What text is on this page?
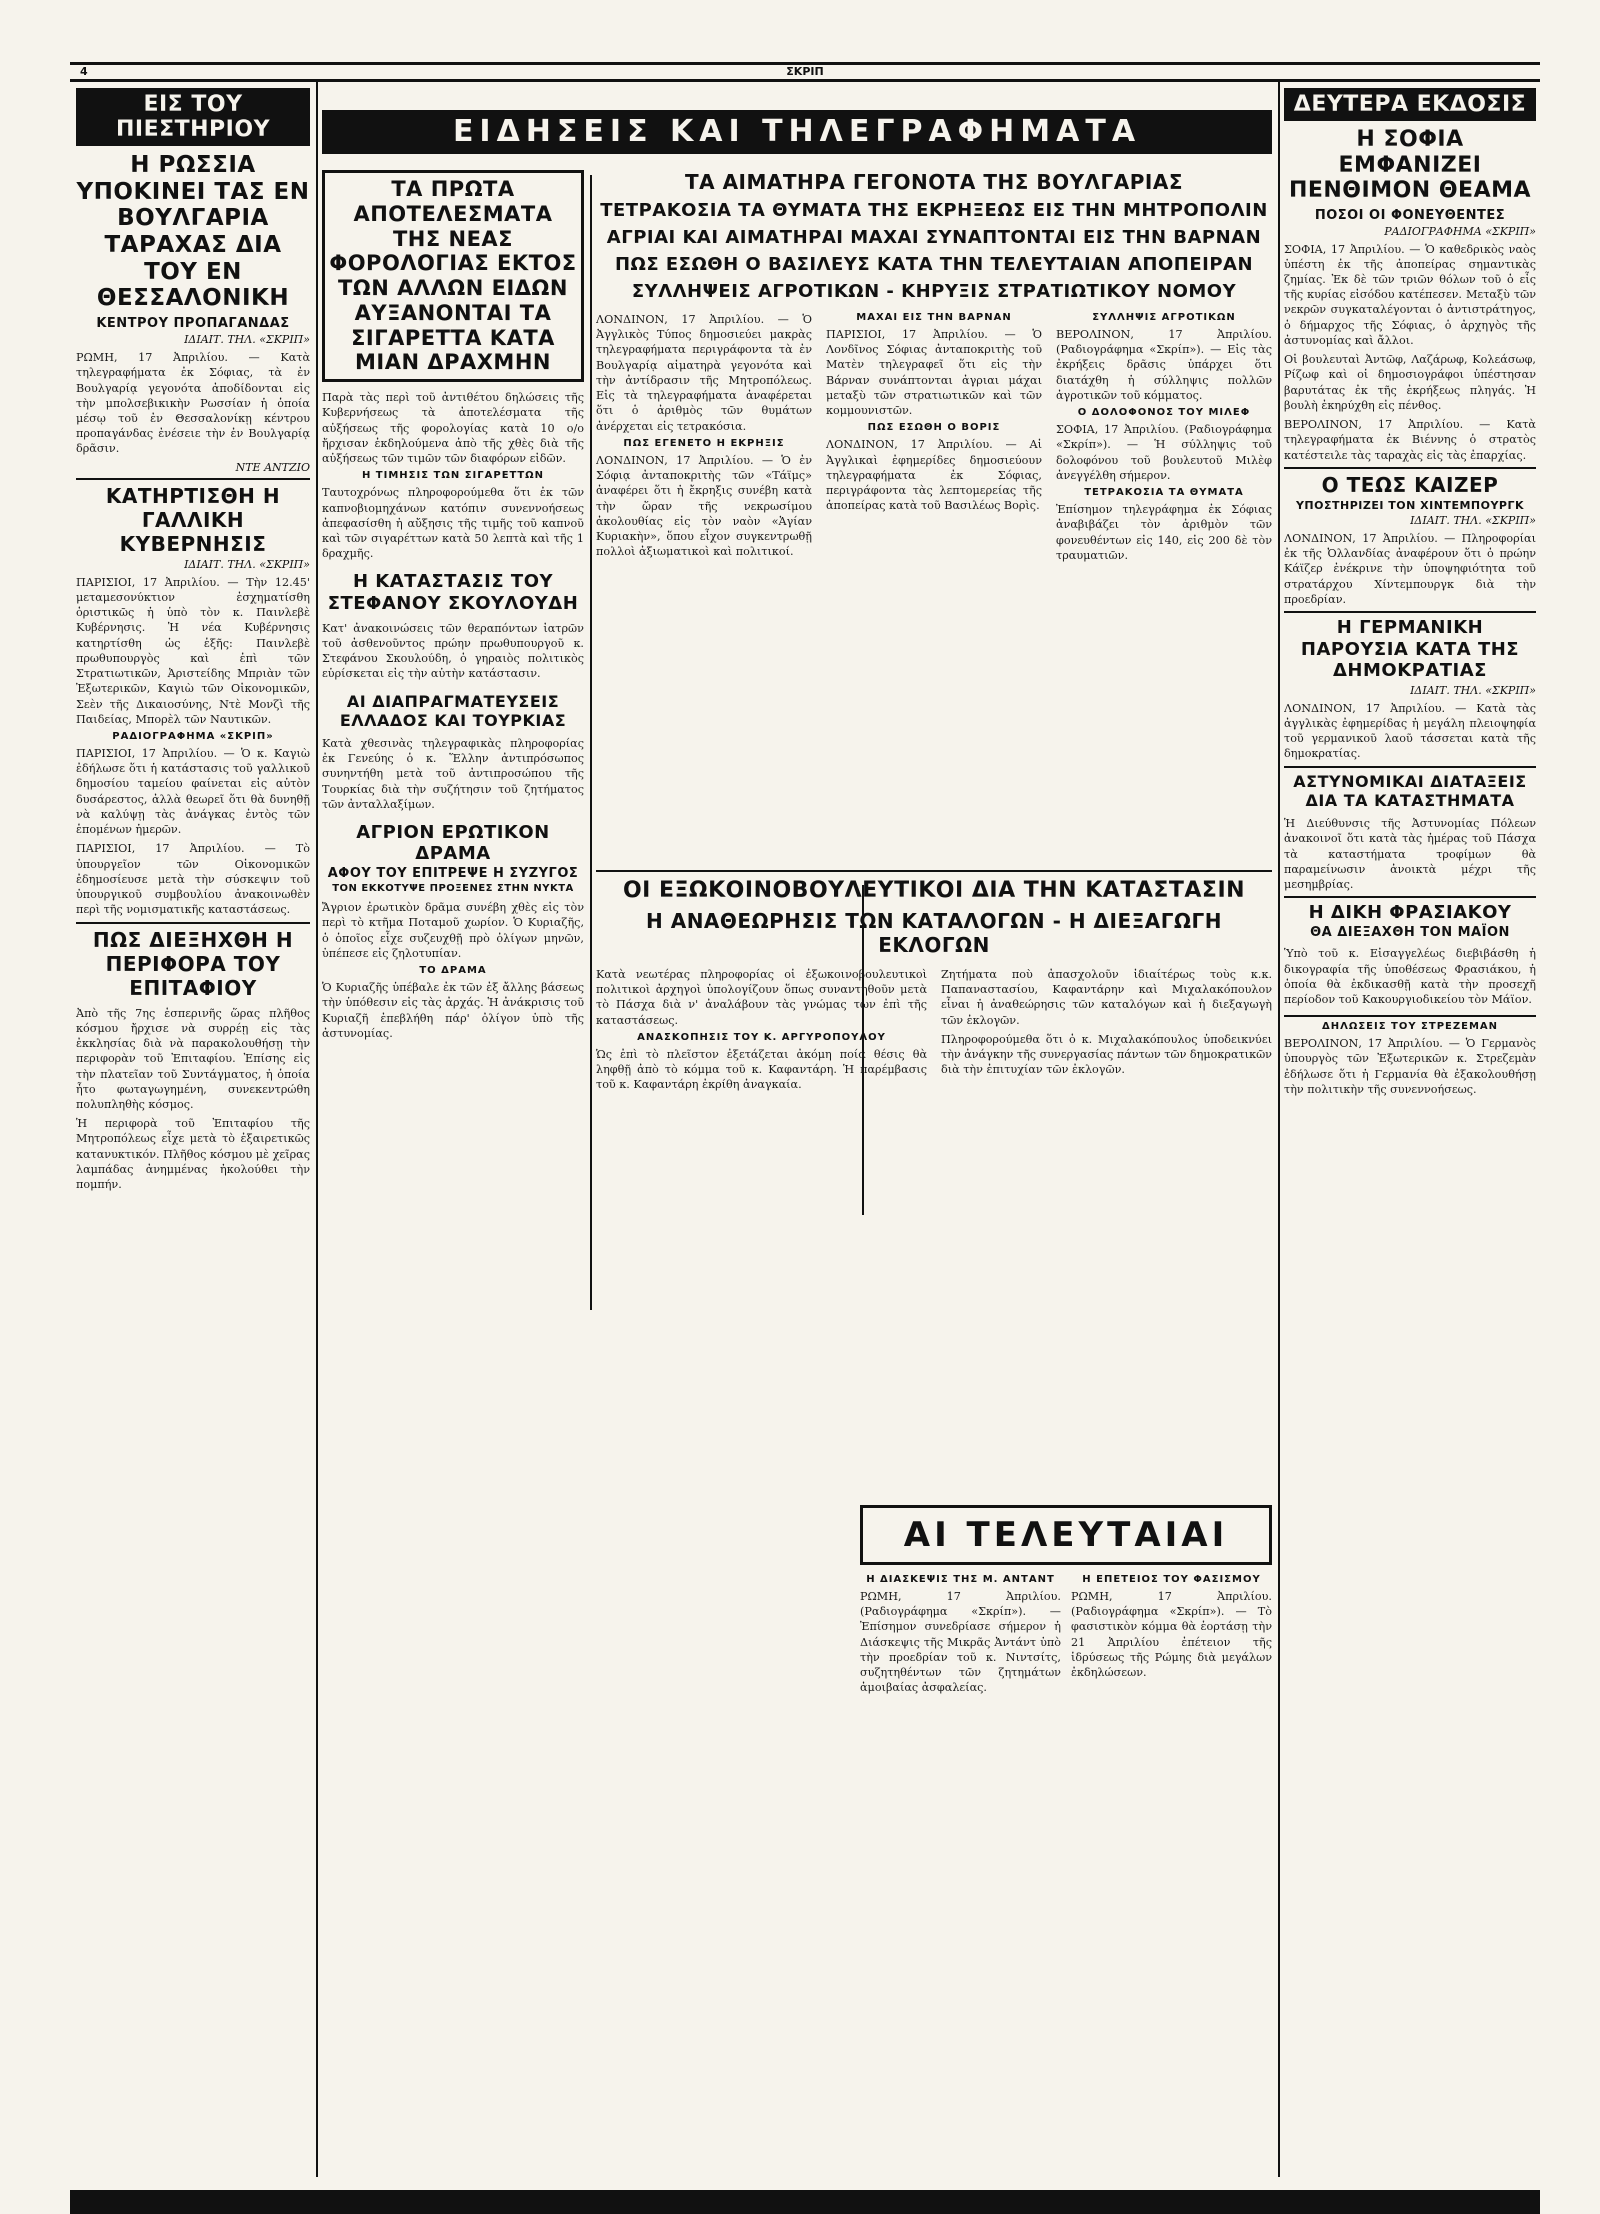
4	ΣΚΡΙΠ
ΕΙΣ ΤΟΥ ΠΙΕΣΤΗΡΙΟΥ
Η ΡΩΣΣΙΑ ΥΠΟΚΙΝΕΙ ΤΑΣ ΕΝ ΒΟΥΛΓΑΡΙΑ ΤΑΡΑΧΑΣ ΔΙΑ ΤΟΥ ΕΝ ΘΕΣΣΑΛΟΝΙΚΗ
ΚΕΝΤΡΟΥ ΠΡΟΠΑΓΑΝΔΑΣ
ΙΔΙΑΙΤ. ΤΗΛ. «ΣΚΡΙΠ»

ΡΩΜΗ, 17 Ἀπριλίου. — Κατὰ τηλεγραφήματα ἐκ Σόφιας, τὰ ἐν Βουλγαρίᾳ γεγονότα ἀποδίδονται εἰς τὴν μπολσεβικικὴν Ρωσσίαν ἡ ὁποία μέσῳ τοῦ ἐν Θεσσαλονίκῃ κέντρου προπαγάνδας ἐνέσειε τὴν ἐν Βουλγαρίᾳ δρᾶσιν.

ΝΤΕ ΑΝΤΖΙΟ
ΚΑΤΗΡΤΙΣΘΗ Η ΓΑΛΛΙΚΗ ΚΥΒΕΡΝΗΣΙΣ
ΙΔΙΑΙΤ. ΤΗΛ. «ΣΚΡΙΠ»

ΠΑΡΙΣΙΟΙ, 17 Ἀπριλίου. — Τὴν 12.45' μεταμεσονύκτιον ἐσχηματίσθη ὁριστικῶς ἡ ὑπὸ τὸν κ. Παινλεβὲ Κυβέρνησις. Ἡ νέα Κυβέρνησις κατηρτίσθη ὡς ἑξῆς: Παινλεβὲ πρωθυπουργὸς καὶ ἐπὶ τῶν Στρατιωτικῶν, Ἀριστείδης Μπριὰν τῶν Ἐξωτερικῶν, Καγιὼ τῶν Οἰκονομικῶν, Σεὲν τῆς Δικαιοσύνης, Ντὲ Μονζὶ τῆς Παιδείας, Μπορὲλ τῶν Ναυτικῶν.

ΡΑΔΙΟΓΡΑΦΗΜΑ «ΣΚΡΙΠ»

ΠΑΡΙΣΙΟΙ, 17 Ἀπριλίου. — Ὁ κ. Καγιὼ ἐδήλωσε ὅτι ἡ κατάστασις τοῦ γαλλικοῦ δημοσίου ταμείου φαίνεται εἰς αὐτὸν δυσάρεστος, ἀλλὰ θεωρεῖ ὅτι θὰ δυνηθῇ νὰ καλύψῃ τὰς ἀνάγκας ἐντὸς τῶν ἑπομένων ἡμερῶν.

ΠΑΡΙΣΙΟΙ, 17 Ἀπριλίου. — Τὸ ὑπουργεῖον τῶν Οἰκονομικῶν ἐδημοσίευσε μετὰ τὴν σύσκεψιν τοῦ ὑπουργικοῦ συμβουλίου ἀνακοινωθὲν περὶ τῆς νομισματικῆς καταστάσεως.

ΠΩΣ ΔΙΕΞΗΧΘΗ Η ΠΕΡΙΦΟΡΑ ΤΟΥ ΕΠΙΤΑΦΙΟΥ

Ἀπὸ τῆς 7ης ἑσπερινῆς ὥρας πλῆθος κόσμου ἤρχισε νὰ συρρέῃ εἰς τὰς ἐκκλησίας διὰ νὰ παρακολουθήσῃ τὴν περιφορὰν τοῦ Ἐπιταφίου. Ἐπίσης εἰς τὴν πλατεῖαν τοῦ Συντάγματος, ἡ ὁποία ἦτο φωταγωγημένη, συνεκεντρώθη πολυπληθὴς κόσμος.

Ἡ περιφορὰ τοῦ Ἐπιταφίου τῆς Μητροπόλεως εἶχε μετὰ τὸ ἐξαιρετικῶς κατανυκτικόν. Πλῆθος κόσμου μὲ χεῖρας λαμπάδας ἀνημμένας ἠκολούθει τὴν πομπήν.

ΕΙΔΗΣΕΙΣ ΚΑΙ ΤΗΛΕΓΡΑΦΗΜΑΤΑ
ΤΑ ΠΡΩΤΑ ΑΠΟΤΕΛΕΣΜΑΤΑ ΤΗΣ ΝΕΑΣ ΦΟΡΟΛΟΓΙΑΣ ΕΚΤΟΣ ΤΩΝ ΑΛΛΩΝ ΕΙΔΩΝ ΑΥΞΑΝΟΝΤΑΙ ΤΑ ΣΙΓΑΡΕΤΤΑ ΚΑΤΑ ΜΙΑΝ ΔΡΑΧΜΗΝ

Παρὰ τὰς περὶ τοῦ ἀντιθέτου δηλώσεις τῆς Κυβερνήσεως τὰ ἀποτελέσματα τῆς αὐξήσεως τῆς φορολογίας κατὰ 10 ο/ο ἤρχισαν ἐκδηλούμενα ἀπὸ τῆς χθὲς διὰ τῆς αὐξήσεως τῶν τιμῶν τῶν διαφόρων εἰδῶν.

Η ΤΙΜΗΣΙΣ ΤΩΝ ΣΙΓΑΡΕΤΤΩΝ

Ταυτοχρόνως πληροφορούμεθα ὅτι ἐκ τῶν καπνοβιομηχάνων κατόπιν συνεννοήσεως ἀπεφασίσθη ἡ αὔξησις τῆς τιμῆς τοῦ καπνοῦ καὶ τῶν σιγαρέττων κατὰ 50 λεπτὰ καὶ τῆς 1 δραχμῆς.

Η ΚΑΤΑΣΤΑΣΙΣ ΤΟΥ ΣΤΕΦΑΝΟΥ ΣΚΟΥΛΟΥΔΗ

Κατ' ἀνακοινώσεις τῶν θεραπόντων ἰατρῶν τοῦ ἀσθενοῦντος πρώην πρωθυπουργοῦ κ. Στεφάνου Σκουλούδη, ὁ γηραιὸς πολιτικὸς εὑρίσκεται εἰς τὴν αὐτὴν κατάστασιν.

ΑΙ ΔΙΑΠΡΑΓΜΑΤΕΥΣΕΙΣ ΕΛΛΑΔΟΣ ΚΑΙ ΤΟΥΡΚΙΑΣ

Κατὰ χθεσινὰς τηλεγραφικὰς πληροφορίας ἐκ Γενεύης ὁ κ. Ἕλλην ἀντιπρόσωπος συνηντήθη μετὰ τοῦ ἀντιπροσώπου τῆς Τουρκίας διὰ τὴν συζήτησιν τοῦ ζητήματος τῶν ἀνταλλαξίμων.

ΑΓΡΙΟΝ ΕΡΩΤΙΚΟΝ ΔΡΑΜΑ
ΑΦΟΥ ΤΟΥ ΕΠΙΤΡΕΨΕ Η ΣΥΖΥΓΟΣ
ΤΟΝ ΕΚΚΟΤΥΨΕ ΠΡΟΞΕΝΕΣ ΣΤΗΝ ΝΥΚΤΑ

Ἄγριον ἐρωτικὸν δρᾶμα συνέβη χθὲς εἰς τὸν περὶ τὸ κτῆμα Ποταμοῦ χωρίον. Ὁ Κυριαζῆς, ὁ ὁποῖος εἶχε συζευχθῇ πρὸ ὀλίγων μηνῶν, ὑπέπεσε εἰς ζηλοτυπίαν.

ΤΟ ΔΡΑΜΑ

Ὁ Κυριαζῆς ὑπέβαλε ἐκ τῶν ἐξ ἄλλης βάσεως τὴν ὑπόθεσιν εἰς τὰς ἀρχάς. Ἡ ἀνάκρισις τοῦ Κυριαζῆ ἐπεβλήθη πάρ' ὀλίγον ὑπὸ τῆς ἀστυνομίας.

ΤΑ ΑΙΜΑΤΗΡΑ ΓΕΓΟΝΟΤΑ ΤΗΣ ΒΟΥΛΓΑΡΙΑΣ
ΤΕΤΡΑΚΟΣΙΑ ΤΑ ΘΥΜΑΤΑ ΤΗΣ ΕΚΡΗΞΕΩΣ ΕΙΣ ΤΗΝ ΜΗΤΡΟΠΟΛΙΝ
ΑΓΡΙΑΙ ΚΑΙ ΑΙΜΑΤΗΡΑΙ ΜΑΧΑΙ ΣΥΝΑΠΤΟΝΤΑΙ ΕΙΣ ΤΗΝ ΒΑΡΝΑΝ
ΠΩΣ ΕΣΩΘΗ Ο ΒΑΣΙΛΕΥΣ ΚΑΤΑ ΤΗΝ ΤΕΛΕΥΤΑΙΑΝ ΑΠΟΠΕΙΡΑΝ
ΣΥΛΛΗΨΕΙΣ ΑΓΡΟΤΙΚΩΝ - ΚΗΡΥΞΙΣ ΣΤΡΑΤΙΩΤΙΚΟΥ ΝΟΜΟΥ

ΛΟΝΔΙΝΟΝ, 17 Ἀπριλίου. — Ὁ Ἀγγλικὸς Τύπος δημοσιεύει μακρὰς τηλεγραφήματα περιγράφοντα τὰ ἐν Βουλγαρίᾳ αἱματηρὰ γεγονότα καὶ τὴν ἀντίδρασιν τῆς Μητροπόλεως. Εἰς τὰ τηλεγραφήματα ἀναφέρεται ὅτι ὁ ἀριθμὸς τῶν θυμάτων ἀνέρχεται εἰς τετρακόσια.

ΠΩΣ ΕΓΕΝΕΤΟ Η ΕΚΡΗΞΙΣ

ΛΟΝΔΙΝΟΝ, 17 Ἀπριλίου. — Ὁ ἐν Σόφιᾳ ἀνταποκριτὴς τῶν «Τάϊμς» ἀναφέρει ὅτι ἡ ἔκρηξις συνέβη κατὰ τὴν ὥραν τῆς νεκρωσίμου ἀκολουθίας εἰς τὸν ναὸν «Ἁγίαν Κυριακὴν», ὅπου εἶχον συγκεντρωθῇ πολλοὶ ἀξιωματικοὶ καὶ πολιτικοί.

ΜΑΧΑΙ ΕΙΣ ΤΗΝ ΒΑΡΝΑΝ

ΠΑΡΙΣΙΟΙ, 17 Ἀπριλίου. — Ὁ Λονδῖνος Σόφιας ἀνταποκριτὴς τοῦ Ματὲν τηλεγραφεῖ ὅτι εἰς τὴν Βάρναν συνάπτονται ἀγριαι μάχαι μεταξὺ τῶν στρατιωτικῶν καὶ τῶν κομμουνιστῶν.

ΠΩΣ ΕΣΩΘΗ Ο ΒΟΡΙΣ

ΛΟΝΔΙΝΟΝ, 17 Ἀπριλίου. — Αἱ Ἀγγλικαὶ ἐφημερίδες δημοσιεύουν τηλεγραφήματα ἐκ Σόφιας, περιγράφοντα τὰς λεπτομερείας τῆς ἀποπείρας κατὰ τοῦ Βασιλέως Βορὶς.

ΣΥΛΛΗΨΙΣ ΑΓΡΟΤΙΚΩΝ

ΒΕΡΟΛΙΝΟΝ, 17 Ἀπριλίου. (Ραδιογράφημα «Σκρίπ»). — Εἰς τὰς ἐκρήξεις δρᾶσις ὑπάρχει ὅτι διατάχθη ἡ σύλληψις πολλῶν ἀγροτικῶν τοῦ κόμματος.

Ο ΔΟΛΟΦΟΝΟΣ ΤΟΥ ΜΙΛΕΦ

ΣΟΦΙΑ, 17 Ἀπριλίου. (Ραδιογράφημα «Σκρίπ»). — Ἡ σύλληψις τοῦ δολοφόνου τοῦ βουλευτοῦ Μιλὲφ ἀνεγγέλθη σήμερον.

ΤΕΤΡΑΚΟΣΙΑ ΤΑ ΘΥΜΑΤΑ

Ἐπίσημον τηλεγράφημα ἐκ Σόφιας ἀναβιβάζει τὸν ἀριθμὸν τῶν φονευθέντων εἰς 140, εἰς 200 δὲ τὸν τραυματιῶν.

ΟΙ ΕΞΩΚΟΙΝΟΒΟΥΛΕΥΤΙΚΟΙ ΔΙΑ ΤΗΝ ΚΑΤΑΣΤΑΣΙΝ
Η ΑΝΑΘΕΩΡΗΣΙΣ ΤΩΝ ΚΑΤΑΛΟΓΩΝ - Η ΔΙΕΞΑΓΩΓΗ ΕΚΛΟΓΩΝ

Κατὰ νεωτέρας πληροφορίας οἱ ἐξωκοινοβουλευτικοὶ πολιτικοὶ ἀρχηγοὶ ὑπολογίζουν ὅπως συναντηθοῦν μετὰ τὸ Πάσχα διὰ ν' ἀναλάβουν τὰς γνώμας των ἐπὶ τῆς καταστάσεως.

ΑΝΑΣΚΟΠΗΣΙΣ ΤΟΥ Κ. ΑΡΓΥΡΟΠΟΥΛΟΥ

Ὡς ἐπὶ τὸ πλεῖστον ἐξετάζεται ἀκόμη ποία θέσις θὰ ληφθῇ ἀπὸ τὸ κόμμα τοῦ κ. Καφαντάρη. Ἡ παρέμβασις τοῦ κ. Καφαντάρη ἐκρίθη ἀναγκαία.

Ζητήματα ποὺ ἀπασχολοῦν ἰδιαίτέρως τοὺς κ.κ. Παπαναστασίου, Καφαντάρην καὶ Μιχαλακόπουλον εἶναι ἡ ἀναθεώρησις τῶν καταλόγων καὶ ἡ διεξαγωγὴ τῶν ἐκλογῶν.

Πληροφορούμεθα ὅτι ὁ κ. Μιχαλακόπουλος ὑποδεικνύει τὴν ἀνάγκην τῆς συνεργασίας πάντων τῶν δημοκρατικῶν διὰ τὴν ἐπιτυχίαν τῶν ἐκλογῶν.

ΑΙ ΤΕΛΕΥΤΑΙΑΙ
Η ΔΙΑΣΚΕΨΙΣ ΤΗΣ Μ. ΑΝΤΑΝΤ

ΡΩΜΗ, 17 Ἀπριλίου. (Ραδιογράφημα «Σκρίπ»). — Ἐπίσημον συνεδρίασε σήμερον ἡ Διάσκεψις τῆς Μικρᾶς Ἀντάντ ὑπὸ τὴν προεδρίαν τοῦ κ. Νιντσίτς, συζητηθέντων τῶν ζητημάτων ἀμοιβαίας ἀσφαλείας.

Η ΕΠΕΤΕΙΟΣ ΤΟΥ ΦΑΣΙΣΜΟΥ

ΡΩΜΗ, 17 Ἀπριλίου. (Ραδιογράφημα «Σκρίπ»). — Τὸ φασιστικὸν κόμμα θὰ ἑορτάσῃ τὴν 21 Ἀπριλίου ἐπέτειον τῆς ἱδρύσεως τῆς Ρώμης διὰ μεγάλων ἐκδηλώσεων.

ΔΕΥΤΕΡΑ ΕΚΔΟΣΙΣ
Η ΣΟΦΙΑ ΕΜΦΑΝΙΖΕΙ ΠΕΝΘΙΜΟΝ ΘΕΑΜΑ
ΠΟΣΟΙ ΟΙ ΦΟΝΕΥΘΕΝΤΕΣ
ΡΑΔΙΟΓΡΑΦΗΜΑ «ΣΚΡΙΠ»

ΣΟΦΙΑ, 17 Ἀπριλίου. — Ὁ καθεδρικὸς ναὸς ὑπέστη ἐκ τῆς ἀποπείρας σημαντικὰς ζημίας. Ἐκ δὲ τῶν τριῶν θόλων τοῦ ὁ εἷς τῆς κυρίας εἰσόδου κατέπεσεν. Μεταξὺ τῶν νεκρῶν συγκαταλέγονται ὁ ἀντιστράτηγος, ὁ δήμαρχος τῆς Σόφιας, ὁ ἀρχηγὸς τῆς ἀστυνομίας καὶ ἄλλοι.

Οἱ βουλευταὶ Ἀντῶφ, Λαζάρωφ, Κολεάσωφ, Ρίζωφ καὶ οἱ δημοσιογράφοι ὑπέστησαν βαρυτάτας ἐκ τῆς ἐκρήξεως πληγάς. Ἡ βουλὴ ἐκηρύχθη εἰς πένθος.

ΒΕΡΟΛΙΝΟΝ, 17 Ἀπριλίου. — Κατὰ τηλεγραφήματα ἐκ Βιέννης ὁ στρατὸς κατέστειλε τὰς ταραχὰς εἰς τὰς ἐπαρχίας.

Ο ΤΕΩΣ ΚΑΙΖΕΡ
ΥΠΟΣΤΗΡΙΖΕΙ ΤΟΝ ΧΙΝΤΕΜΠΟΥΡΓΚ
ΙΔΙΑΙΤ. ΤΗΛ. «ΣΚΡΙΠ»

ΛΟΝΔΙΝΟΝ, 17 Ἀπριλίου. — Πληροφορίαι ἐκ τῆς Ὀλλανδίας ἀναφέρουν ὅτι ὁ πρώην Κάϊζερ ἐνέκρινε τὴν ὑποψηφιότητα τοῦ στρατάρχου Χίντεμπουργκ διὰ τὴν προεδρίαν.

Η ΓΕΡΜΑΝΙΚΗ ΠΑΡΟΥΣΙΑ ΚΑΤΑ ΤΗΣ ΔΗΜΟΚΡΑΤΙΑΣ
ΙΔΙΑΙΤ. ΤΗΛ. «ΣΚΡΙΠ»

ΛΟΝΔΙΝΟΝ, 17 Ἀπριλίου. — Κατὰ τὰς ἀγγλικὰς ἐφημερίδας ἡ μεγάλη πλειοψηφία τοῦ γερμανικοῦ λαοῦ τάσσεται κατὰ τῆς δημοκρατίας.

ΑΣΤΥΝΟΜΙΚΑΙ ΔΙΑΤΑΞΕΙΣ ΔΙΑ ΤΑ ΚΑΤΑΣΤΗΜΑΤΑ

Ἡ Διεύθυνσις τῆς Ἀστυνομίας Πόλεων ἀνακοινοῖ ὅτι κατὰ τὰς ἡμέρας τοῦ Πάσχα τὰ καταστήματα τροφίμων θὰ παραμείνωσιν ἀνοικτὰ μέχρι τῆς μεσημβρίας.

Η ΔΙΚΗ ΦΡΑΣΙΑΚΟΥ
ΘΑ ΔΙΕΞΑΧΘΗ ΤΟΝ ΜΑΪΟΝ

Ὑπὸ τοῦ κ. Εἰσαγγελέως διεβιβάσθη ἡ δικογραφία τῆς ὑποθέσεως Φρασιάκου, ἡ ὁποία θὰ ἐκδικασθῇ κατὰ τὴν προσεχῆ περίοδον τοῦ Κακουργιοδικείου τὸν Μάϊον.

ΔΗΛΩΣΕΙΣ ΤΟΥ ΣΤΡΕΖΕΜΑΝ

ΒΕΡΟΛΙΝΟΝ, 17 Ἀπριλίου. — Ὁ Γερμανὸς ὑπουργὸς τῶν Ἐξωτερικῶν κ. Στρεζεμὰν ἐδήλωσε ὅτι ἡ Γερμανία θὰ ἐξακολουθήσῃ τὴν πολιτικὴν τῆς συνεννοήσεως.
